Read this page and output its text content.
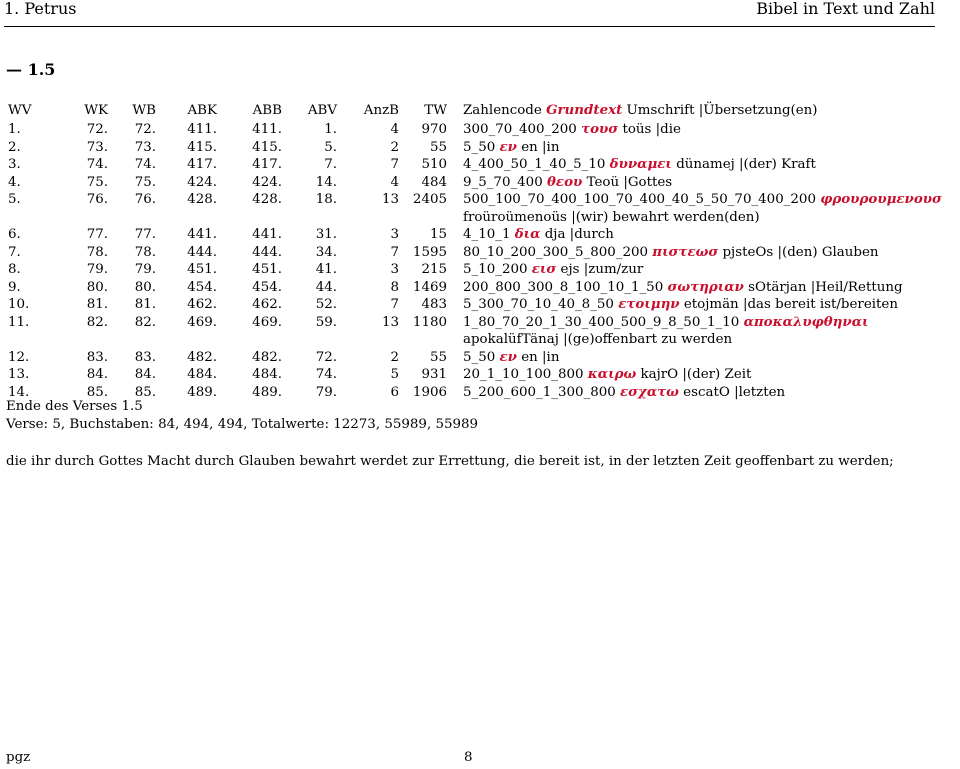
1. Petrus	Bibel in Text und Zahl
— 1.5
WV	WK	WB	ABK	ABB	ABV	AnzB	TW	Zahlencode Grundtext Umschrift |Übersetzung(en)
1.	72.	72.	411.	411.	1.	4	970	300_70_400_200 τουσ toüs |die
2.	73.	73.	415.	415.	5.	2	55	5_50 εν en |in
3.	74.	74.	417.	417.	7.	7	510	4_400_50_1_40_5_10 δυναμει dünamej |(der) Kraft
4.	75.	75.	424.	424.	14.	4	484	9_5_70_400 θεου Teoü |Gottes
5.	76.	76.	428.	428.	18.	13	2405	500_100_70_400_100_70_400_40_5_50_70_400_200 φρουρουμενουσ froüroümenoüs |(wir) bewahrt werden(den)
6.	77.	77.	441.	441.	31.	3	15	4_10_1 δια dja |durch
7.	78.	78.	444.	444.	34.	7	1595	80_10_200_300_5_800_200 πιστεωσ pjsteOs |(den) Glauben
8.	79.	79.	451.	451.	41.	3	215	5_10_200 εισ ejs |zum/zur
9.	80.	80.	454.	454.	44.	8	1469	200_800_300_8_100_10_1_50 σωτηριαν sOtärjan |Heil/Rettung
10.	81.	81.	462.	462.	52.	7	483	5_300_70_10_40_8_50 ετοιμην etojmän |das bereit ist/bereiten
11.	82.	82.	469.	469.	59.	13	1180	1_80_70_20_1_30_400_500_9_8_50_1_10 αποκαλυφθηναι apokalüfTänaj |(ge)offenbart zu werden
12.	83.	83.	482.	482.	72.	2	55	5_50 εν en |in
13.	84.	84.	484.	484.	74.	5	931	20_1_10_100_800 καιρω kajrO |(der) Zeit
14.	85.	85.	489.	489.	79.	6	1906	5_200_600_1_300_800 εσχατω escatO |letzten
Ende des Verses 1.5
Verse: 5, Buchstaben: 84, 494, 494, Totalwerte: 12273, 55989, 55989
die ihr durch Gottes Macht durch Glauben bewahrt werdet zur Errettung, die bereit ist, in der letzten Zeit geoffenbart zu werden;
pgz	8
